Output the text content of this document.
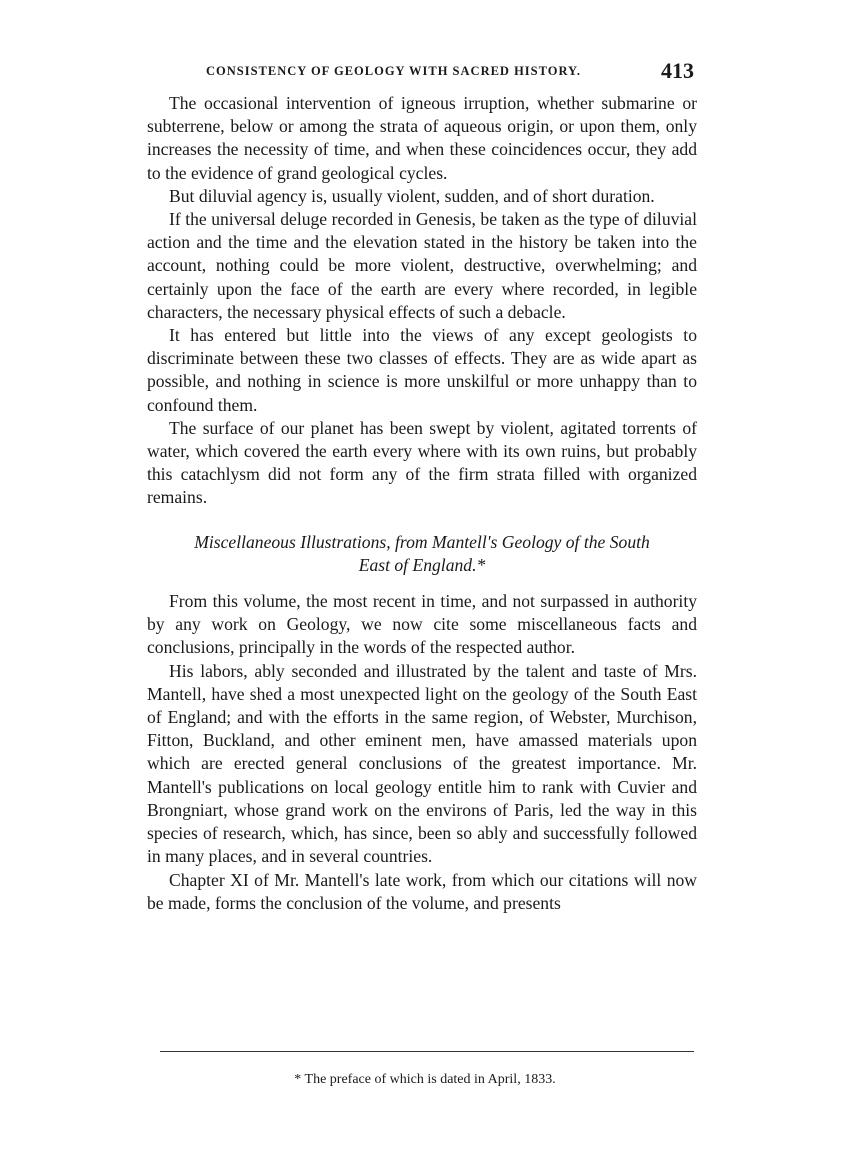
CONSISTENCY OF GEOLOGY WITH SACRED HISTORY.	413

The occasional intervention of igneous irruption, whether submarine or subterrene, below or among the strata of aqueous origin, or upon them, only increases the necessity of time, and when these coincidences occur, they add to the evidence of grand geological cycles.

But diluvial agency is, usually violent, sudden, and of short duration.

If the universal deluge recorded in Genesis, be taken as the type of diluvial action and the time and the elevation stated in the history be taken into the account, nothing could be more violent, destructive, overwhelming; and certainly upon the face of the earth are every where recorded, in legible characters, the necessary physical effects of such a debacle.

It has entered but little into the views of any except geologists to discriminate between these two classes of effects. They are as wide apart as possible, and nothing in science is more unskilful or more unhappy than to confound them.

The surface of our planet has been swept by violent, agitated torrents of water, which covered the earth every where with its own ruins, but probably this catachlysm did not form any of the firm strata filled with organized remains.

Miscellaneous Illustrations, from Mantell's Geology of the South
East of England.*

From this volume, the most recent in time, and not surpassed in authority by any work on Geology, we now cite some miscellaneous facts and conclusions, principally in the words of the respected author.

His labors, ably seconded and illustrated by the talent and taste of Mrs. Mantell, have shed a most unexpected light on the geology of the South East of England; and with the efforts in the same region, of Webster, Murchison, Fitton, Buckland, and other eminent men, have amassed materials upon which are erected general conclusions of the greatest importance. Mr. Mantell's publications on local geology entitle him to rank with Cuvier and Brongniart, whose grand work on the environs of Paris, led the way in this species of research, which, has since, been so ably and successfully followed in many places, and in several countries.

Chapter XI of Mr. Mantell's late work, from which our citations will now be made, forms the conclusion of the volume, and presents

* The preface of which is dated in April, 1833.
